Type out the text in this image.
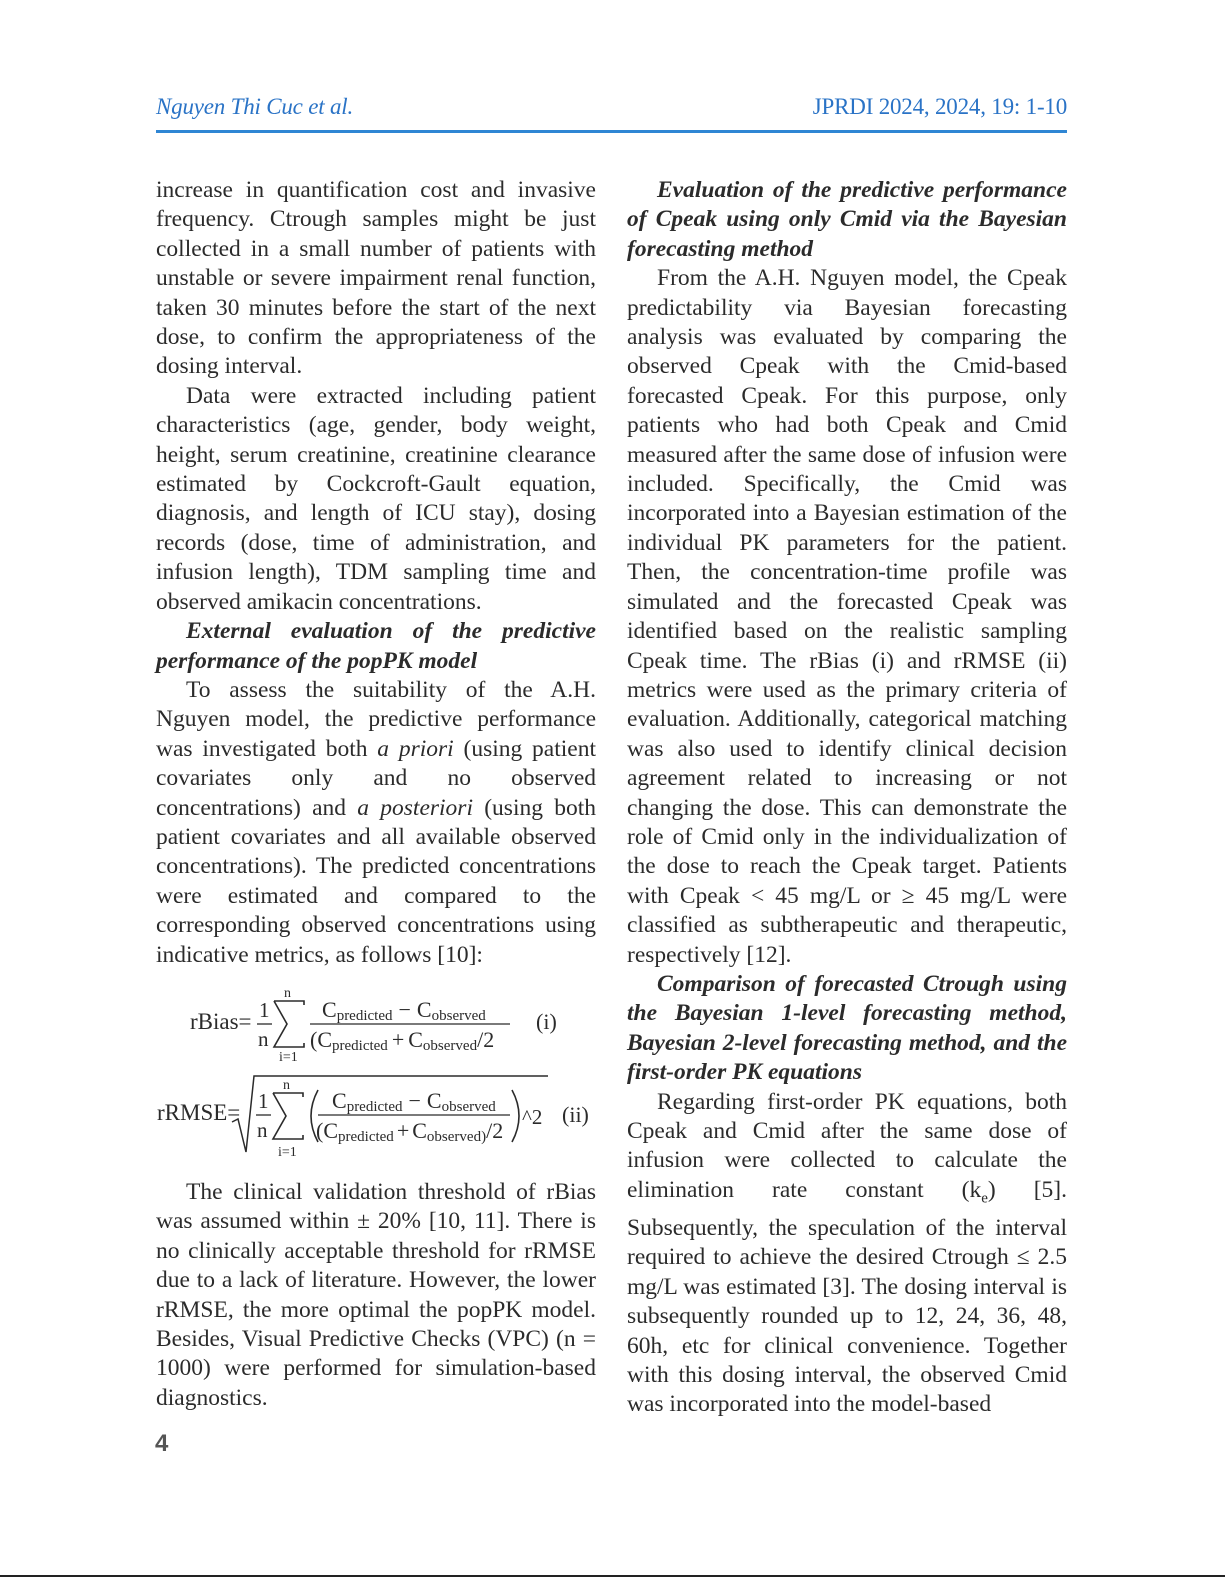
Nguyen Thi Cuc et al.	JPRDI 2024, 2024, 19: 1-10

increase in quantification cost and invasive frequency. Ctrough samples might be just collected in a small number of patients with unstable or severe impairment renal function, taken 30 minutes before the start of the next dose, to confirm the appropriateness of the dosing interval.

Data were extracted including patient characteristics (age, gender, body weight, height, serum creatinine, creatinine clearance estimated by Cockcroft-Gault equation, diagnosis, and length of ICU stay), dosing records (dose, time of administration, and infusion length), TDM sampling time and observed amikacin concentrations.

External evaluation of the predictive performance of the popPK model

To assess the suitability of the A.H. Nguyen model, the predictive performance was investigated both a priori (using patient covariates only and no observed concentrations) and a posteriori (using both patient covariates and all available observed concentrations). The predicted concentrations were estimated and compared to the corresponding observed concentrations using indicative metrics, as follows [10]:

rBias= 1
n
n
i=1
Cpredicted − Cobserved
(Cpredicted + Cobserved/2
(i)
rRMSE= 1
n
n
i=1
Cpredicted − Cobserved
(Cpredicted + Cobserved)/2
^2 (ii)

The clinical validation threshold of rBias was assumed within ± 20% [10, 11]. There is no clinically acceptable threshold for rRMSE due to a lack of literature. However, the lower rRMSE, the more optimal the popPK model. Besides, Visual Predictive Checks (VPC) (n = 1000) were performed for simulation-based diagnostics.

Evaluation of the predictive performance of Cpeak using only Cmid via the Bayesian forecasting method

From the A.H. Nguyen model, the Cpeak predictability via Bayesian forecasting analysis was evaluated by comparing the observed Cpeak with the Cmid-based forecasted Cpeak. For this purpose, only patients who had both Cpeak and Cmid measured after the same dose of infusion were included. Specifically, the Cmid was incorporated into a Bayesian estimation of the individual PK parameters for the patient. Then, the concentration-time profile was simulated and the forecasted Cpeak was identified based on the realistic sampling Cpeak time. The rBias (i) and rRMSE (ii) metrics were used as the primary criteria of evaluation. Additionally, categorical matching was also used to identify clinical decision agreement related to increasing or not changing the dose. This can demonstrate the role of Cmid only in the individualization of the dose to reach the Cpeak target. Patients with Cpeak < 45 mg/L or ≥ 45 mg/L were classified as subtherapeutic and therapeutic, respectively [12].

Comparison of forecasted Ctrough using the Bayesian 1-level forecasting method, Bayesian 2-level forecasting method, and the first-order PK equations

Regarding first-order PK equations, both Cpeak and Cmid after the same dose of infusion were collected to calculate the elimination rate constant $(k_e)$ [5]. Subsequently, the speculation of the interval required to achieve the desired Ctrough ≤ 2.5 mg/L was estimated [3]. The dosing interval is subsequently rounded up to 12, 24, 36, 48, 60h, etc for clinical convenience. Together with this dosing interval, the observed Cmid was incorporated into the model-based

4
